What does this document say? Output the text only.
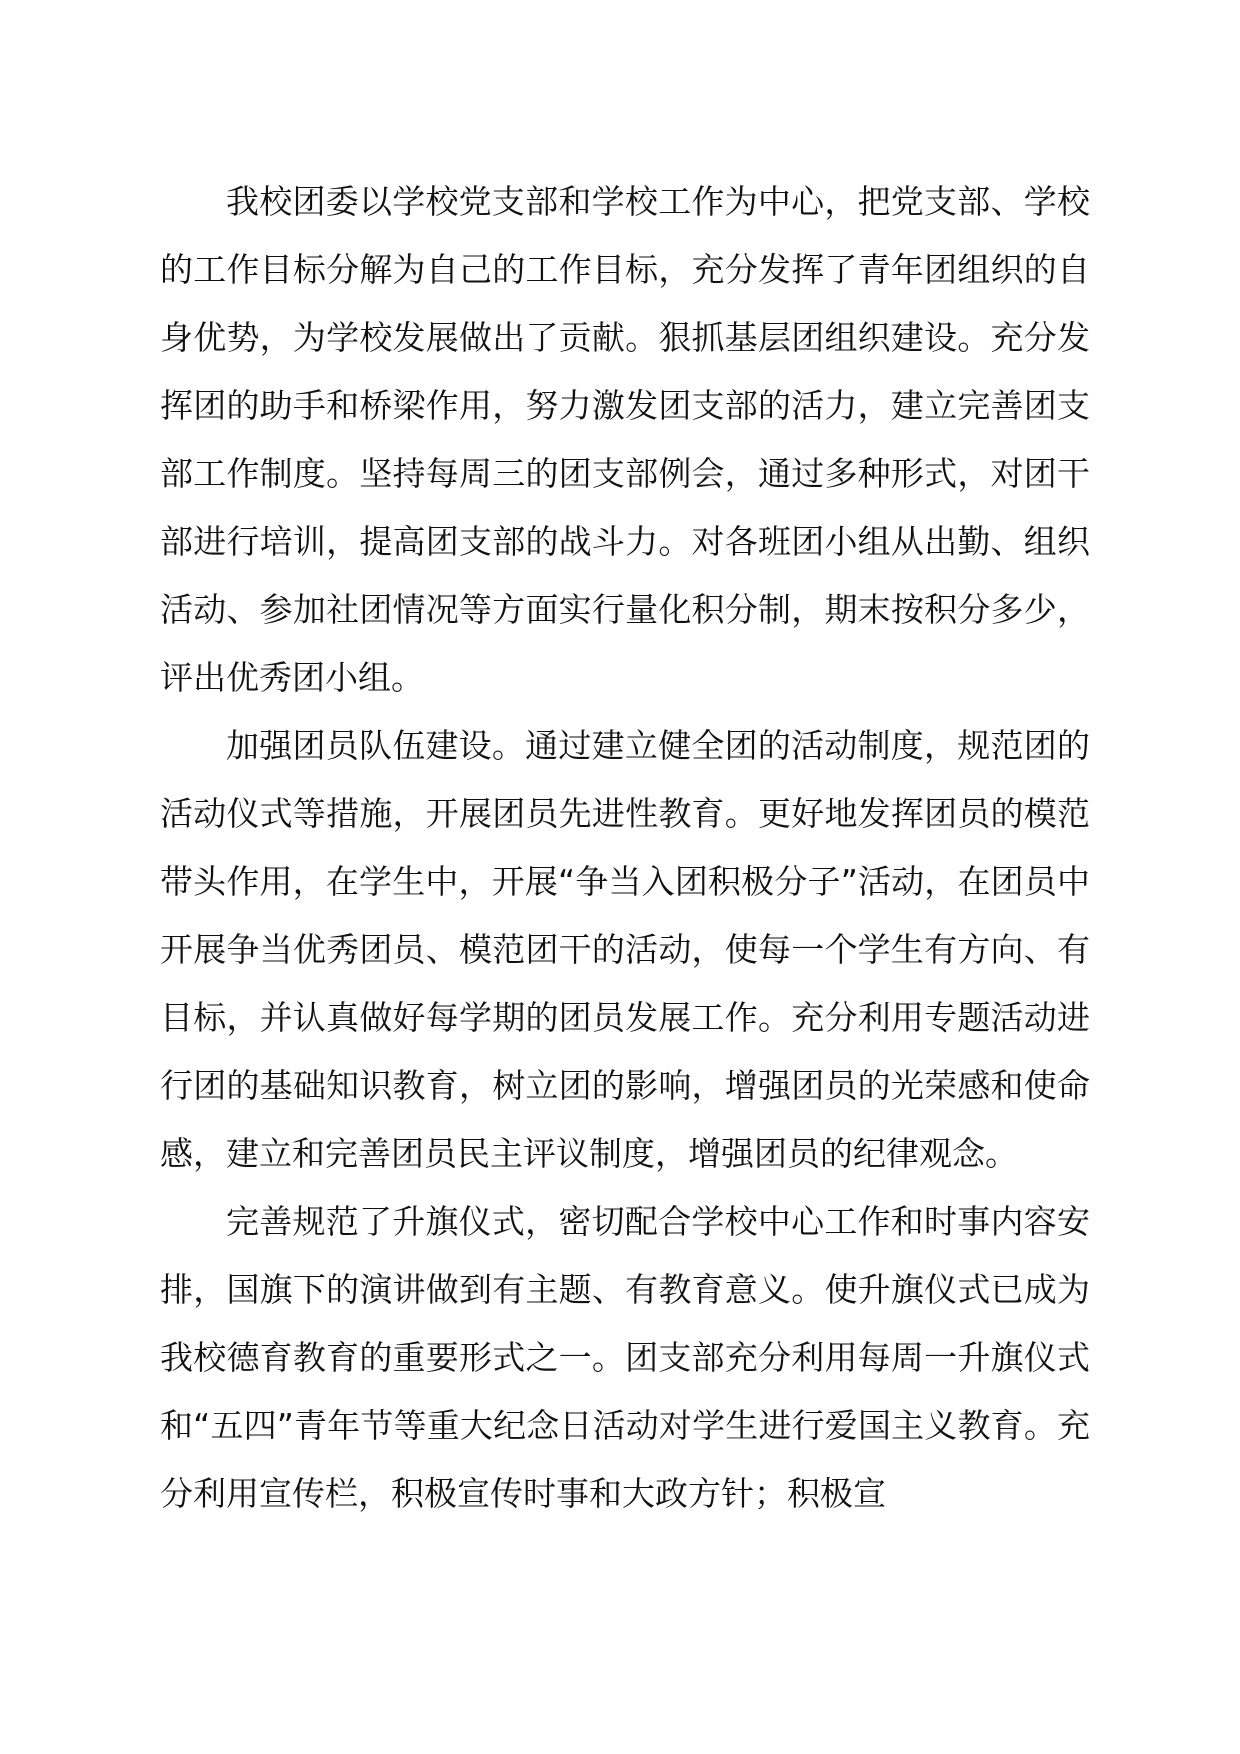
我校团委以学校党支部和学校工作为中心，把党支部、学校的工作目标分解为自己的工作目标，充分发挥了青年团组织的自身优势，为学校发展做出了贡献。狠抓基层团组织建设。充分发挥团的助手和桥梁作用，努力激发团支部的活力，建立完善团支部工作制度。坚持每周三的团支部例会，通过多种形式，对团干部进行培训，提高团支部的战斗力。对各班团小组从出勤、组织活动、参加社团情况等方面实行量化积分制，期末按积分多少，评出优秀团小组。

加强团员队伍建设。通过建立健全团的活动制度，规范团的活动仪式等措施，开展团员先进性教育。更好地发挥团员的模范带头作用，在学生中，开展“争当入团积极分子”活动，在团员中开展争当优秀团员、模范团干的活动，使每一个学生有方向、有目标，并认真做好每学期的团员发展工作。充分利用专题活动进行团的基础知识教育，树立团的影响，增强团员的光荣感和使命感，建立和完善团员民主评议制度，增强团员的纪律观念。

完善规范了升旗仪式，密切配合学校中心工作和时事内容安排，国旗下的演讲做到有主题、有教育意义。使升旗仪式已成为我校德育教育的重要形式之一。团支部充分利用每周一升旗仪式和“五四”青年节等重大纪念日活动对学生进行爱国主义教育。充分利用宣传栏，积极宣传时事和大政方针；积极宣
